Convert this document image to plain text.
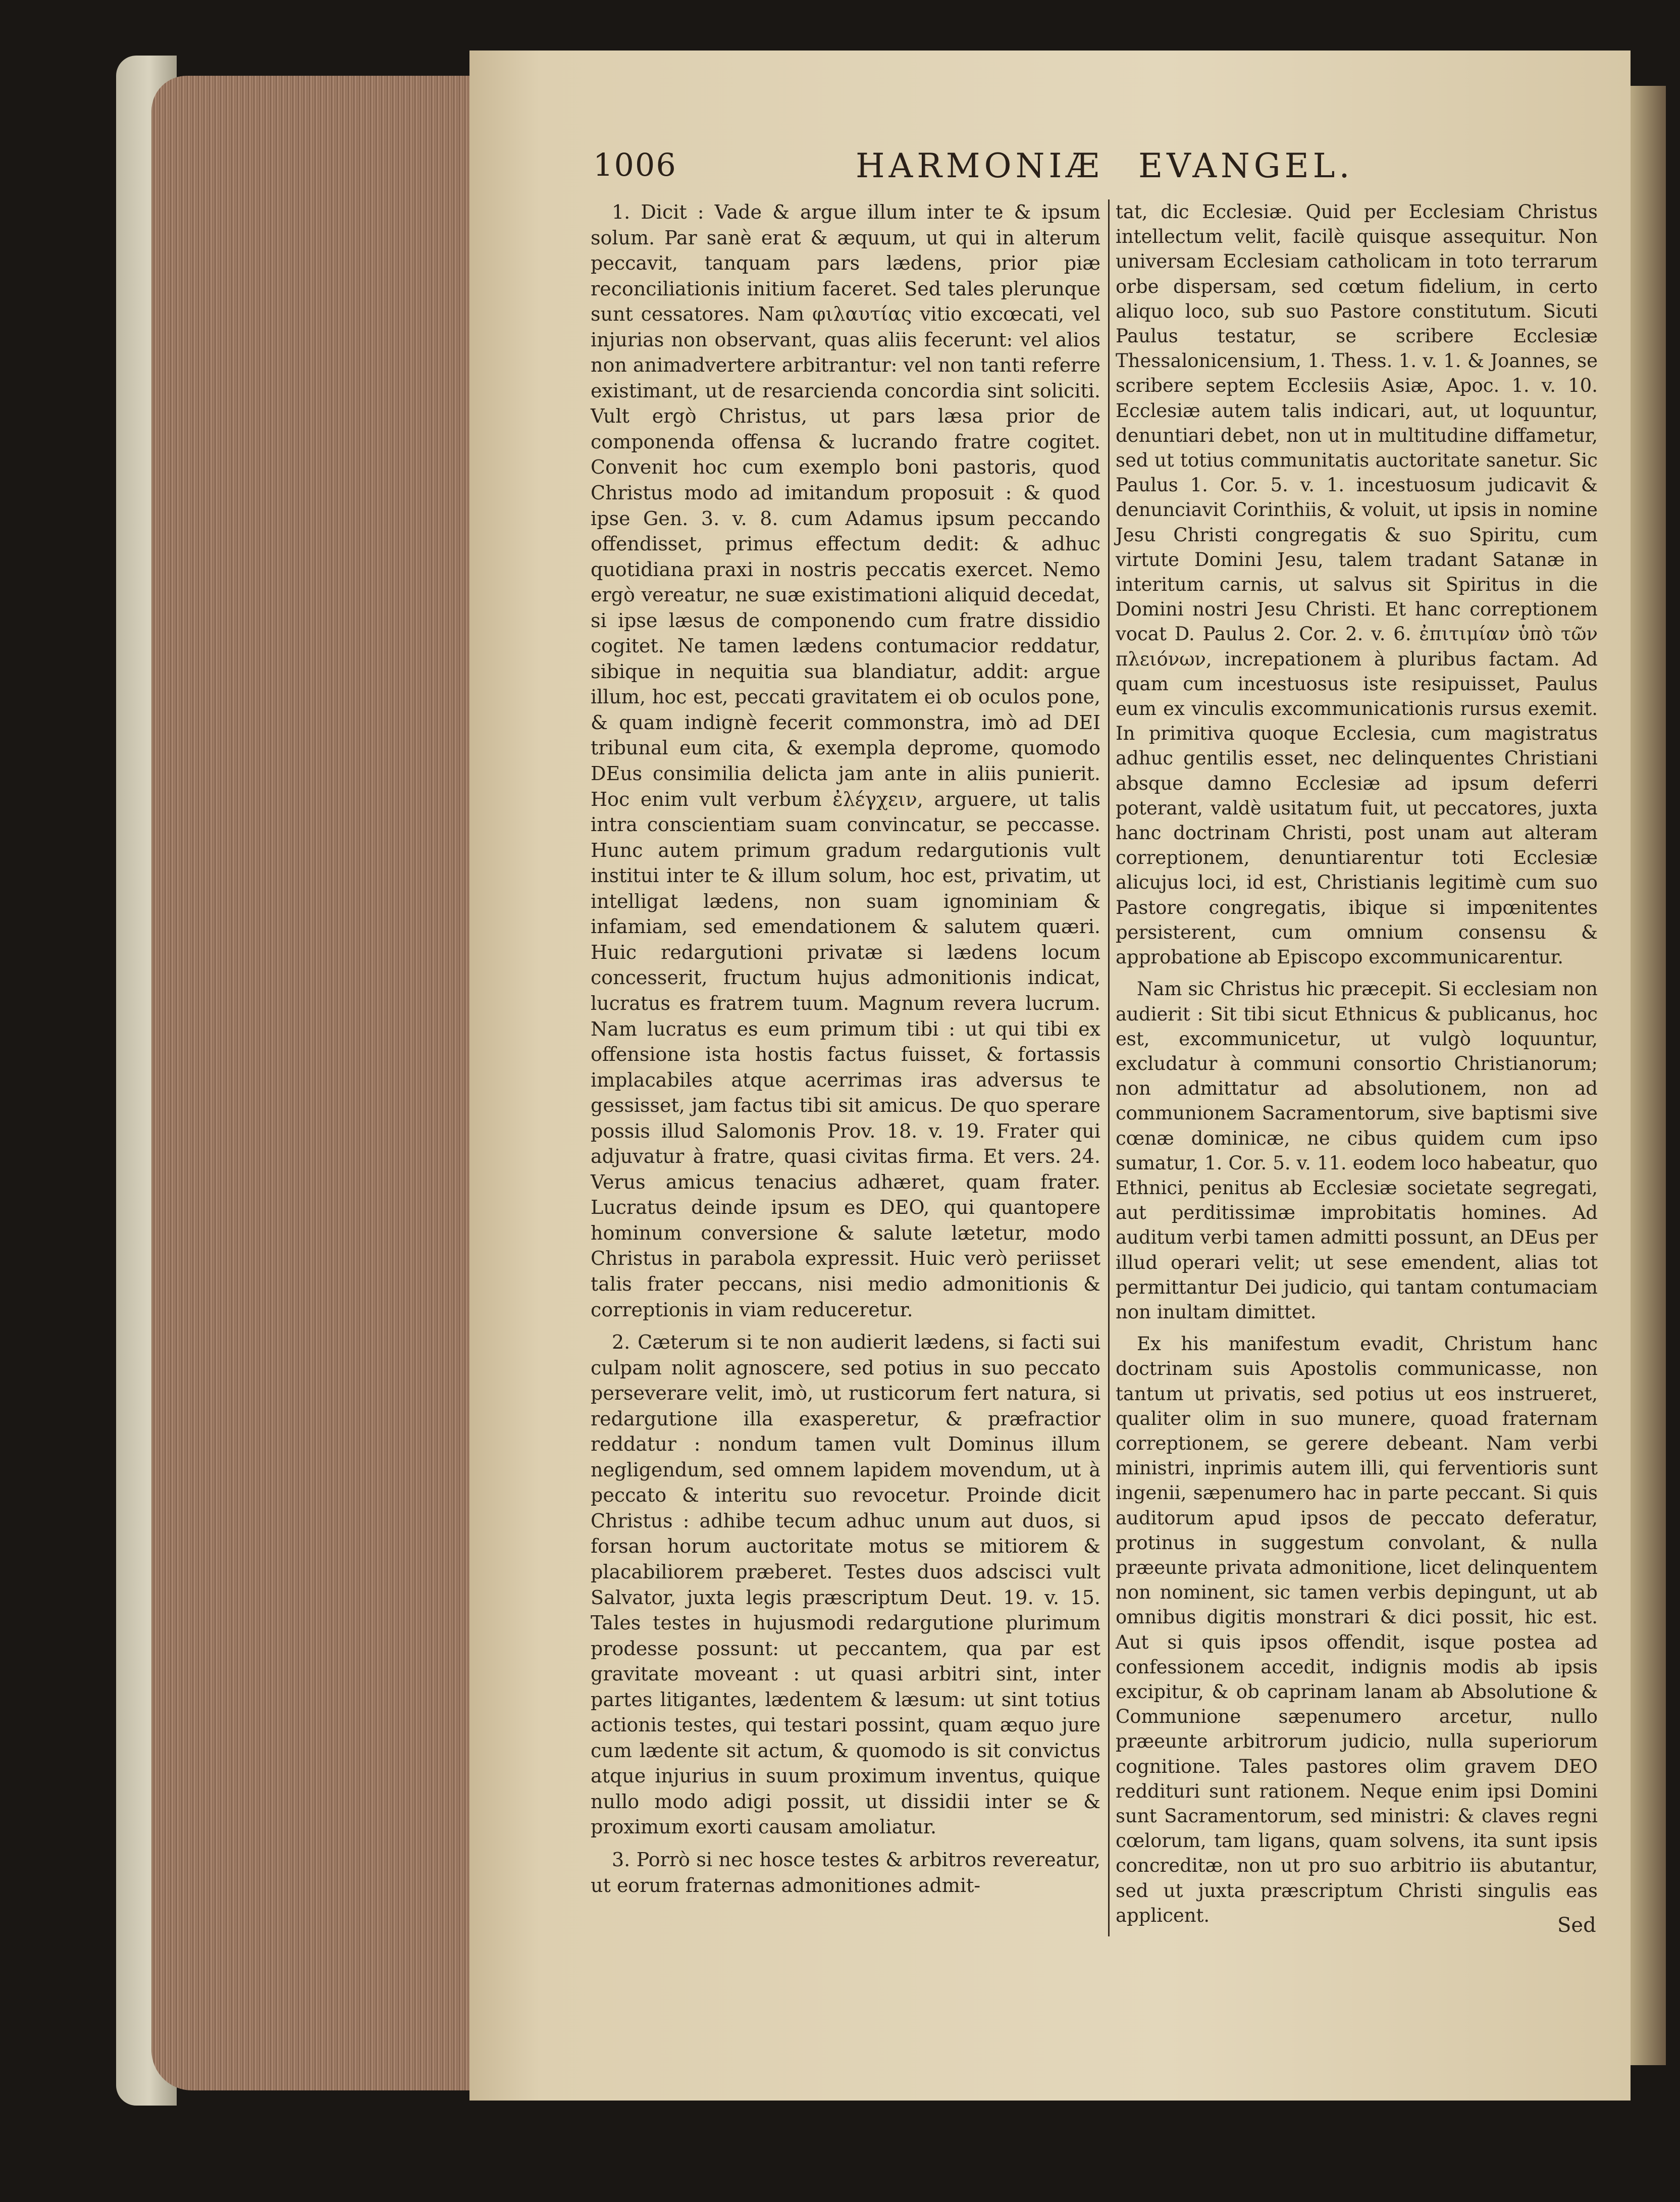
1006	HARMONIÆ EVANGEL.

1. Dicit : Vade & argue illum inter te & ipsum solum. Par sanè erat & æquum, ut qui in alterum peccavit, tanquam pars lædens, prior piæ reconciliationis initium faceret. Sed tales plerunque sunt cessatores. Nam φιλαυτίας vitio excœcati, vel injurias non observant, quas aliis fecerunt: vel alios non animadvertere arbitrantur: vel non tanti referre existimant, ut de resarcienda concordia sint soliciti. Vult ergò Christus, ut pars læsa prior de componenda offensa & lucrando fratre cogitet. Convenit hoc cum exemplo boni pastoris, quod Christus modo ad imitandum proposuit : & quod ipse Gen. 3. v. 8. cum Adamus ipsum peccando offendisset, primus effectum dedit: & adhuc quotidiana praxi in nostris peccatis exercet. Nemo ergò vereatur, ne suæ existimationi aliquid decedat, si ipse læsus de componendo cum fratre dissidio cogitet. Ne tamen lædens contumacior reddatur, sibique in nequitia sua blandiatur, addit: argue illum, hoc est, peccati gravitatem ei ob oculos pone, & quam indignè fecerit commonstra, imò ad DEI tribunal eum cita, & exempla deprome, quomodo DEus consimilia delicta jam ante in aliis punierit. Hoc enim vult verbum ἐλέγχειν, arguere, ut talis intra conscientiam suam convincatur, se peccasse. Hunc autem primum gradum redargutionis vult institui inter te & illum solum, hoc est, privatim, ut intelligat lædens, non suam ignominiam & infamiam, sed emendationem & salutem quæri. Huic redargutioni privatæ si lædens locum concesserit, fructum hujus admonitionis indicat, lucratus es fratrem tuum. Magnum revera lucrum. Nam lucratus es eum primum tibi : ut qui tibi ex offensione ista hostis factus fuisset, & fortassis implacabiles atque acerrimas iras adversus te gessisset, jam factus tibi sit amicus. De quo sperare possis illud Salomonis Prov. 18. v. 19. Frater qui adjuvatur à fratre, quasi civitas firma. Et vers. 24. Verus amicus tenacius adhæret, quam frater. Lucratus deinde ipsum es DEO, qui quantopere hominum conversione & salute lætetur, modo Christus in parabola expressit. Huic verò periisset talis frater peccans, nisi medio admonitionis & correptionis in viam reduceretur.

2. Cæterum si te non audierit lædens, si facti sui culpam nolit agnoscere, sed potius in suo peccato perseverare velit, imò, ut rusticorum fert natura, si redargutione illa exasperetur, & præfractior reddatur : nondum tamen vult Dominus illum negligendum, sed omnem lapidem movendum, ut à peccato & interitu suo revocetur. Proinde dicit Christus : adhibe tecum adhuc unum aut duos, si forsan horum auctoritate motus se mitiorem & placabiliorem præberet. Testes duos adscisci vult Salvator, juxta legis præscriptum Deut. 19. v. 15. Tales testes in hujusmodi redargutione plurimum prodesse possunt: ut peccantem, qua par est gravitate moveant : ut quasi arbitri sint, inter partes litigantes, lædentem & læsum: ut sint totius actionis testes, qui testari possint, quam æquo jure cum lædente sit actum, & quomodo is sit convictus atque injurius in suum proximum inventus, quique nullo modo adigi possit, ut dissidii inter se & proximum exorti causam amoliatur.

3. Porrò si nec hosce testes & arbitros revereatur, ut eorum fraternas admonitiones admit-

tat, dic Ecclesiæ. Quid per Ecclesiam Christus intellectum velit, facilè quisque assequitur. Non universam Ecclesiam catholicam in toto terrarum orbe dispersam, sed cœtum fidelium, in certo aliquo loco, sub suo Pastore constitutum. Sicuti Paulus testatur, se scribere Ecclesiæ Thessalonicensium, 1. Thess. 1. v. 1. & Joannes, se scribere septem Ecclesiis Asiæ, Apoc. 1. v. 10. Ecclesiæ autem talis indicari, aut, ut loquuntur, denuntiari debet, non ut in multitudine diffametur, sed ut totius communitatis auctoritate sanetur. Sic Paulus 1. Cor. 5. v. 1. incestuosum judicavit & denunciavit Corinthiis, & voluit, ut ipsis in nomine Jesu Christi congregatis & suo Spiritu, cum virtute Domini Jesu, talem tradant Satanæ in interitum carnis, ut salvus sit Spiritus in die Domini nostri Jesu Christi. Et hanc correptionem vocat D. Paulus 2. Cor. 2. v. 6. ἐπιτιμίαν ὑπὸ τῶν πλειόνων, increpationem à pluribus factam. Ad quam cum incestuosus iste resipuisset, Paulus eum ex vinculis excommunicationis rursus exemit. In primitiva quoque Ecclesia, cum magistratus adhuc gentilis esset, nec delinquentes Christiani absque damno Ecclesiæ ad ipsum deferri poterant, valdè usitatum fuit, ut peccatores, juxta hanc doctrinam Christi, post unam aut alteram correptionem, denuntiarentur toti Ecclesiæ alicujus loci, id est, Christianis legitimè cum suo Pastore congregatis, ibique si impœnitentes persisterent, cum omnium consensu & approbatione ab Episcopo excommunicarentur.

Nam sic Christus hic præcepit. Si ecclesiam non audierit : Sit tibi sicut Ethnicus & publicanus, hoc est, excommunicetur, ut vulgò loquuntur, excludatur à communi consortio Christianorum; non admittatur ad absolutionem, non ad communionem Sacramentorum, sive baptismi sive cœnæ dominicæ, ne cibus quidem cum ipso sumatur, 1. Cor. 5. v. 11. eodem loco habeatur, quo Ethnici, penitus ab Ecclesiæ societate segregati, aut perditissimæ improbitatis homines. Ad auditum verbi tamen admitti possunt, an DEus per illud operari velit; ut sese emendent, alias tot permittantur Dei judicio, qui tantam contumaciam non inultam dimittet.

Ex his manifestum evadit, Christum hanc doctrinam suis Apostolis communicasse, non tantum ut privatis, sed potius ut eos instrueret, qualiter olim in suo munere, quoad fraternam correptionem, se gerere debeant. Nam verbi ministri, inprimis autem illi, qui ferventioris sunt ingenii, sæpenumero hac in parte peccant. Si quis auditorum apud ipsos de peccato deferatur, protinus in suggestum convolant, & nulla præeunte privata admonitione, licet delinquentem non nominent, sic tamen verbis depingunt, ut ab omnibus digitis monstrari & dici possit, hic est. Aut si quis ipsos offendit, isque postea ad confessionem accedit, indignis modis ab ipsis excipitur, & ob caprinam lanam ab Absolutione & Communione sæpenumero arcetur, nullo præeunte arbitrorum judicio, nulla superiorum cognitione. Tales pastores olim gravem DEO reddituri sunt rationem. Neque enim ipsi Domini sunt Sacramentorum, sed ministri: & claves regni cœlorum, tam ligans, quam solvens, ita sunt ipsis concreditæ, non ut pro suo arbitrio iis abutantur, sed ut juxta præscriptum Christi singulis eas applicent.	Sed
